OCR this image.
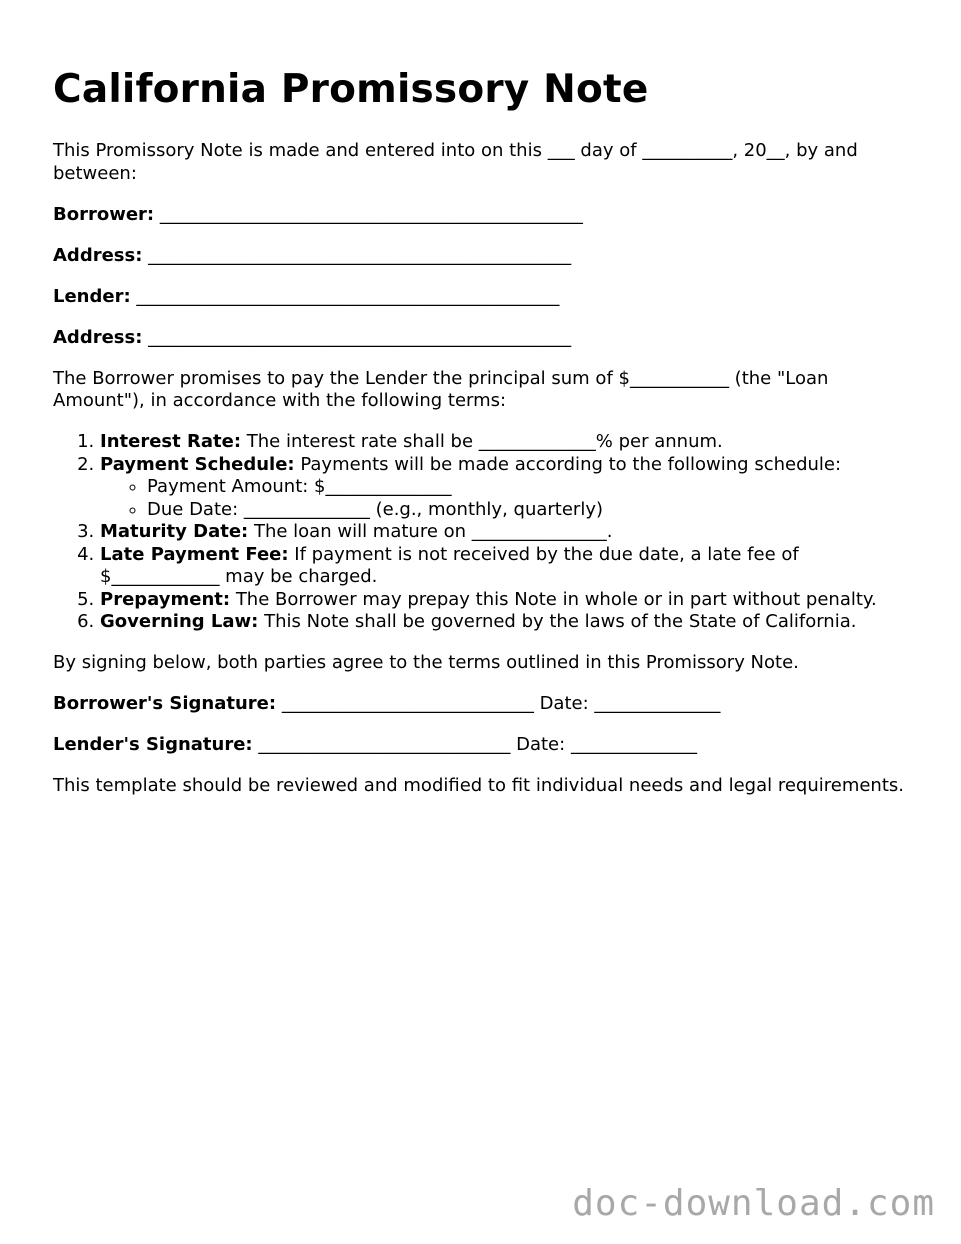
California Promissory Note

This Promissory Note is made and entered into on this ___ day of __________, 20__, by and between:

Borrower: _______________________________________________
Address: _______________________________________________
Lender: _______________________________________________
Address: _______________________________________________

The Borrower promises to pay the Lender the principal sum of $___________ (the "Loan Amount"), in accordance with the following terms:

1. Interest Rate: The interest rate shall be _____________% per annum.
2. Payment Schedule: Payments will be made according to the following schedule:
◦ Payment Amount: $______________
◦ Due Date: ______________ (e.g., monthly, quarterly)
3. Maturity Date: The loan will mature on _______________.
4. Late Payment Fee: If payment is not received by the due date, a late fee of $____________ may be charged.
5. Prepayment: The Borrower may prepay this Note in whole or in part without penalty.
6. Governing Law: This Note shall be governed by the laws of the State of California.

By signing below, both parties agree to the terms outlined in this Promissory Note.

Borrower's Signature: ____________________________ Date: ______________
Lender's Signature: ____________________________ Date: ______________

This template should be reviewed and modified to fit individual needs and legal requirements.

doc-download.com
